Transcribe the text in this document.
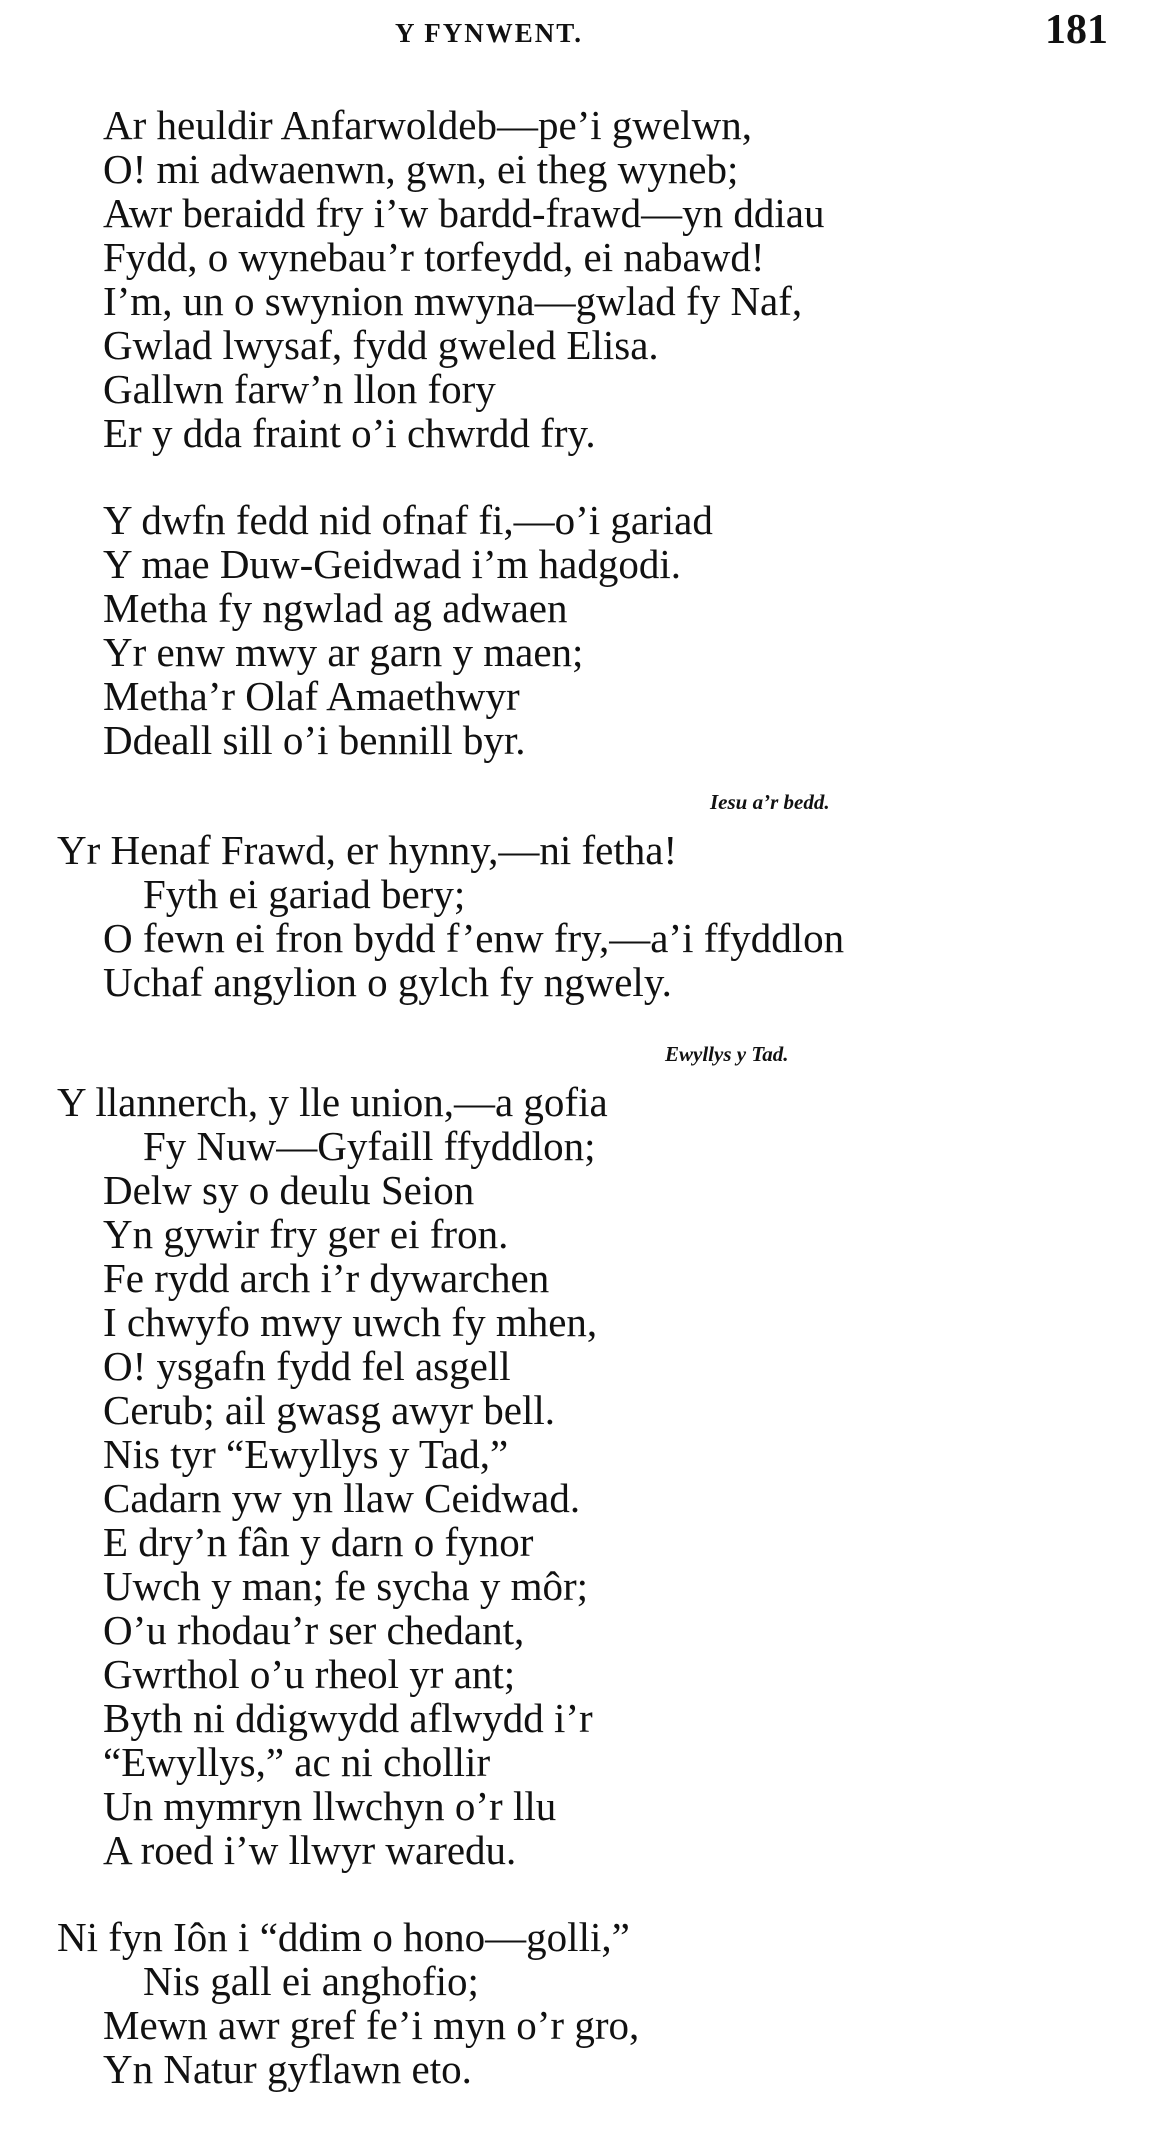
Y FYNWENT.	181
Ar heuldir Anfarwoldeb—pe’i gwelwn,
O! mi adwaenwn, gwn, ei theg wyneb;
Awr beraidd fry i’w bardd-frawd—yn ddiau
Fydd, o wynebau’r torfeydd, ei nabawd!
I’m, un o swynion mwyna—gwlad fy Naf,
Gwlad lwysaf, fydd gweled Elisa.
Gallwn farw’n llon fory
Er y dda fraint o’i chwrdd fry.
Y dwfn fedd nid ofnaf fi,—o’i gariad
Y mae Duw-Geidwad i’m hadgodi.
Metha fy ngwlad ag adwaen
Yr enw mwy ar garn y maen;
Metha’r Olaf Amaethwyr
Ddeall sill o’i bennill byr.
Iesu a’r bedd.
Yr Henaf Frawd, er hynny,—ni fetha!
Fyth ei gariad bery;
O fewn ei fron bydd f’enw fry,—a’i ffyddlon
Uchaf angylion o gylch fy ngwely.
Ewyllys y Tad.
Y llannerch, y lle union,—a gofia
Fy Nuw—Gyfaill ffyddlon;
Delw sy o deulu Seion
Yn gywir fry ger ei fron.
Fe rydd arch i’r dywarchen
I chwyfo mwy uwch fy mhen,
O! ysgafn fydd fel asgell
Cerub; ail gwasg awyr bell.
Nis tyr “Ewyllys y Tad,”
Cadarn yw yn llaw Ceidwad.
E dry’n fân y darn o fynor
Uwch y man; fe sycha y môr;
O’u rhodau’r ser chedant,
Gwrthol o’u rheol yr ant;
Byth ni ddigwydd aflwydd i’r
“Ewyllys,” ac ni chollir
Un mymryn llwchyn o’r llu
A roed i’w llwyr waredu.
Ni fyn Iôn i “ddim o hono—golli,”
Nis gall ei anghofio;
Mewn awr gref fe’i myn o’r gro,
Yn Natur gyflawn eto.
